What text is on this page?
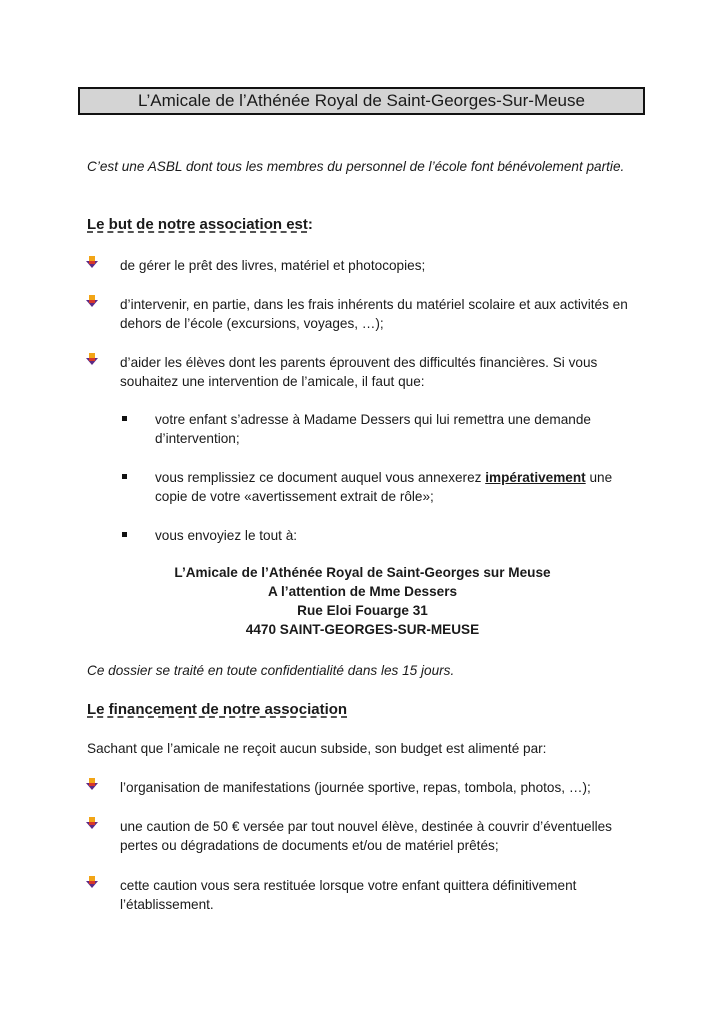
L’Amicale de l’Athénée Royal de Saint-Georges-Sur-Meuse
C’est une ASBL dont tous les membres du personnel de l’école font bénévolement partie.
Le but de notre association est:
de gérer le prêt des livres, matériel et photocopies;
d’intervenir, en partie, dans les frais inhérents du matériel scolaire et aux activités en dehors de l’école (excursions, voyages, …);
d’aider les élèves dont les parents éprouvent des difficultés financières. Si vous souhaitez une intervention de l’amicale, il faut que:
votre enfant s’adresse à Madame Dessers qui lui remettra une demande d’intervention;
vous remplissiez ce document auquel vous annexerez impérativement une copie de votre «avertissement extrait de rôle»;
vous envoyiez le tout à:
L’Amicale de l’Athénée Royal de Saint-Georges sur Meuse
A l’attention de Mme Dessers
Rue Eloi Fouarge 31
4470 SAINT-GEORGES-SUR-MEUSE
Ce dossier se traité en toute confidentialité dans les 15 jours.
Le financement de notre association
Sachant que l’amicale ne reçoit aucun subside, son budget est alimenté par:
l’organisation de manifestations (journée sportive, repas, tombola, photos, …);
une caution de 50 € versée par tout nouvel élève, destinée à couvrir d’éventuelles pertes ou dégradations de documents et/ou de matériel prêtés;
cette caution vous sera restituée lorsque votre enfant quittera définitivement l’établissement.
